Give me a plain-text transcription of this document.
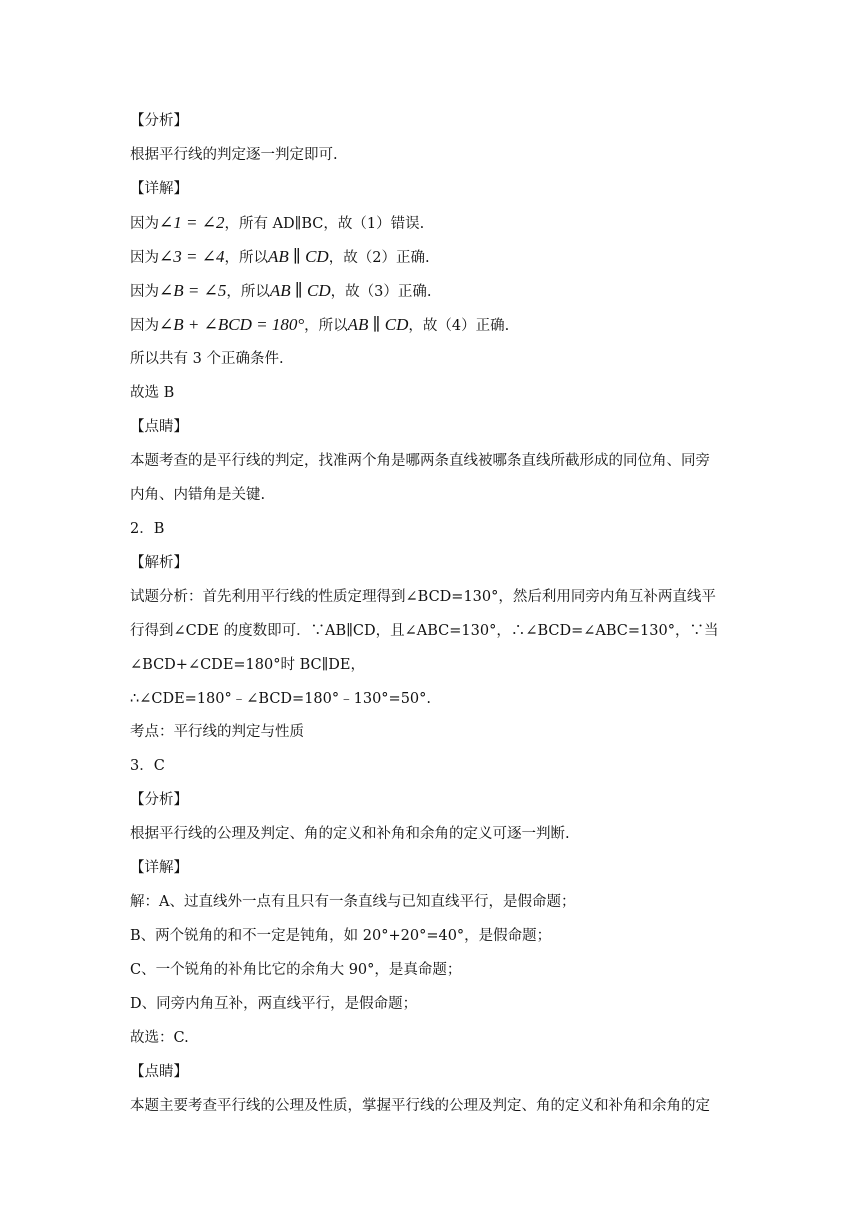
【分析】
根据平行线的判定逐一判定即可.
【详解】
因为∠1 = ∠2，所有 AD∥BC，故（1）错误.
因为∠3 = ∠4，所以AB ∥ CD，故（2）正确.
因为∠B = ∠5，所以AB ∥ CD，故（3）正确.
因为∠B + ∠BCD = 180°，所以AB ∥ CD，故（4）正确.
所以共有 3 个正确条件.
故选 B
【点睛】
本题考查的是平行线的判定，找准两个角是哪两条直线被哪条直线所截形成的同位角、同旁
内角、内错角是关键.
2．B
【解析】
试题分析：首先利用平行线的性质定理得到∠BCD=130°，然后利用同旁内角互补两直线平
行得到∠CDE 的度数即可．∵AB∥CD，且∠ABC=130°，∴∠BCD=∠ABC=130°，∵当
∠BCD+∠CDE=180°时 BC∥DE，
∴∠CDE=180°﹣∠BCD=180°﹣130°=50°.
考点：平行线的判定与性质
3．C
【分析】
根据平行线的公理及判定、角的定义和补角和余角的定义可逐一判断.
【详解】
解：A、过直线外一点有且只有一条直线与已知直线平行，是假命题；
B、两个锐角的和不一定是钝角，如 20°+20°=40°，是假命题；
C、一个锐角的补角比它的余角大 90°，是真命题；
D、同旁内角互补，两直线平行，是假命题；
故选：C.
【点睛】
本题主要考查平行线的公理及性质，掌握平行线的公理及判定、角的定义和补角和余角的定
